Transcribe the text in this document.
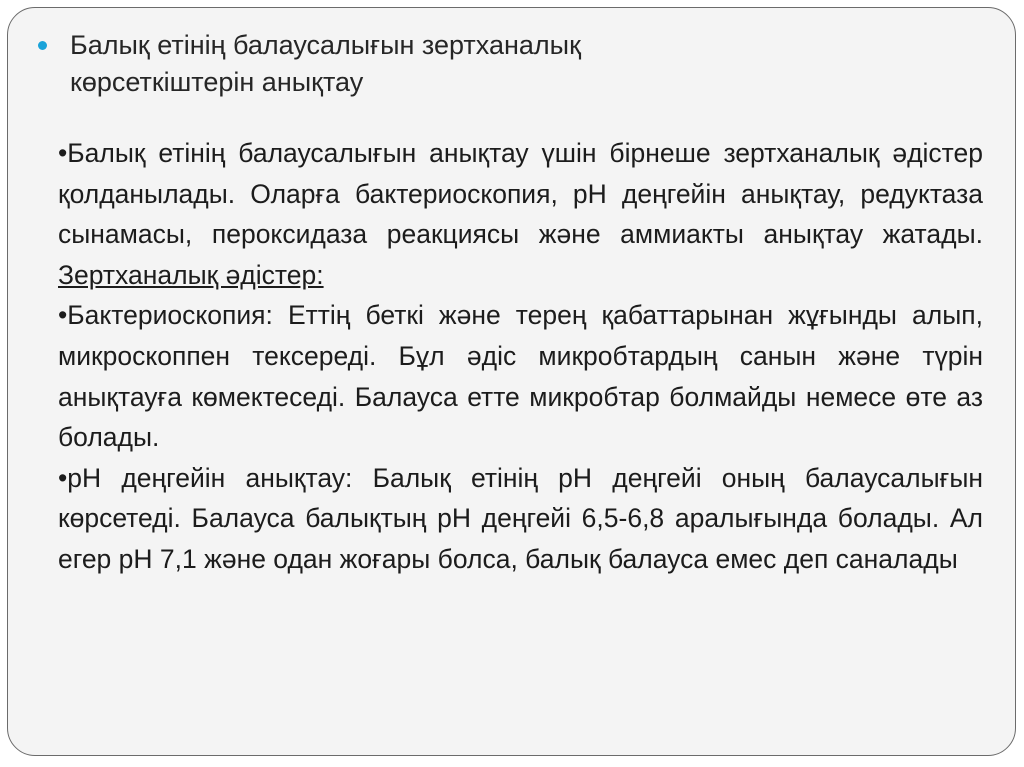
Балық етінің балаусалығын зертханалық
көрсеткіштерін анықтау

•Балық етінің балаусалығын анықтау үшін бірнеше зертханалық әдістер қолданылады. Оларға бактериоскопия, pH деңгейін анықтау, редуктаза сынамасы, пероксидаза реакциясы және аммиакты анықтау жатады. Зертханалық әдістер:

•Бактериоскопия: Еттің беткі және терең қабаттарынан жұғынды алып, микроскоппен тексереді. Бұл әдіс микробтардың санын және түрін анықтауға көмектеседі. Балауса етте микробтар болмайды немесе өте аз болады.

•pH деңгейін анықтау: Балық етінің pH деңгейі оның балаусалығын көрсетеді. Балауса балықтың pH деңгейі 6,5-6,8 аралығында болады. Ал егер pH 7,1 және одан жоғары болса, балық балауса емес деп саналады
